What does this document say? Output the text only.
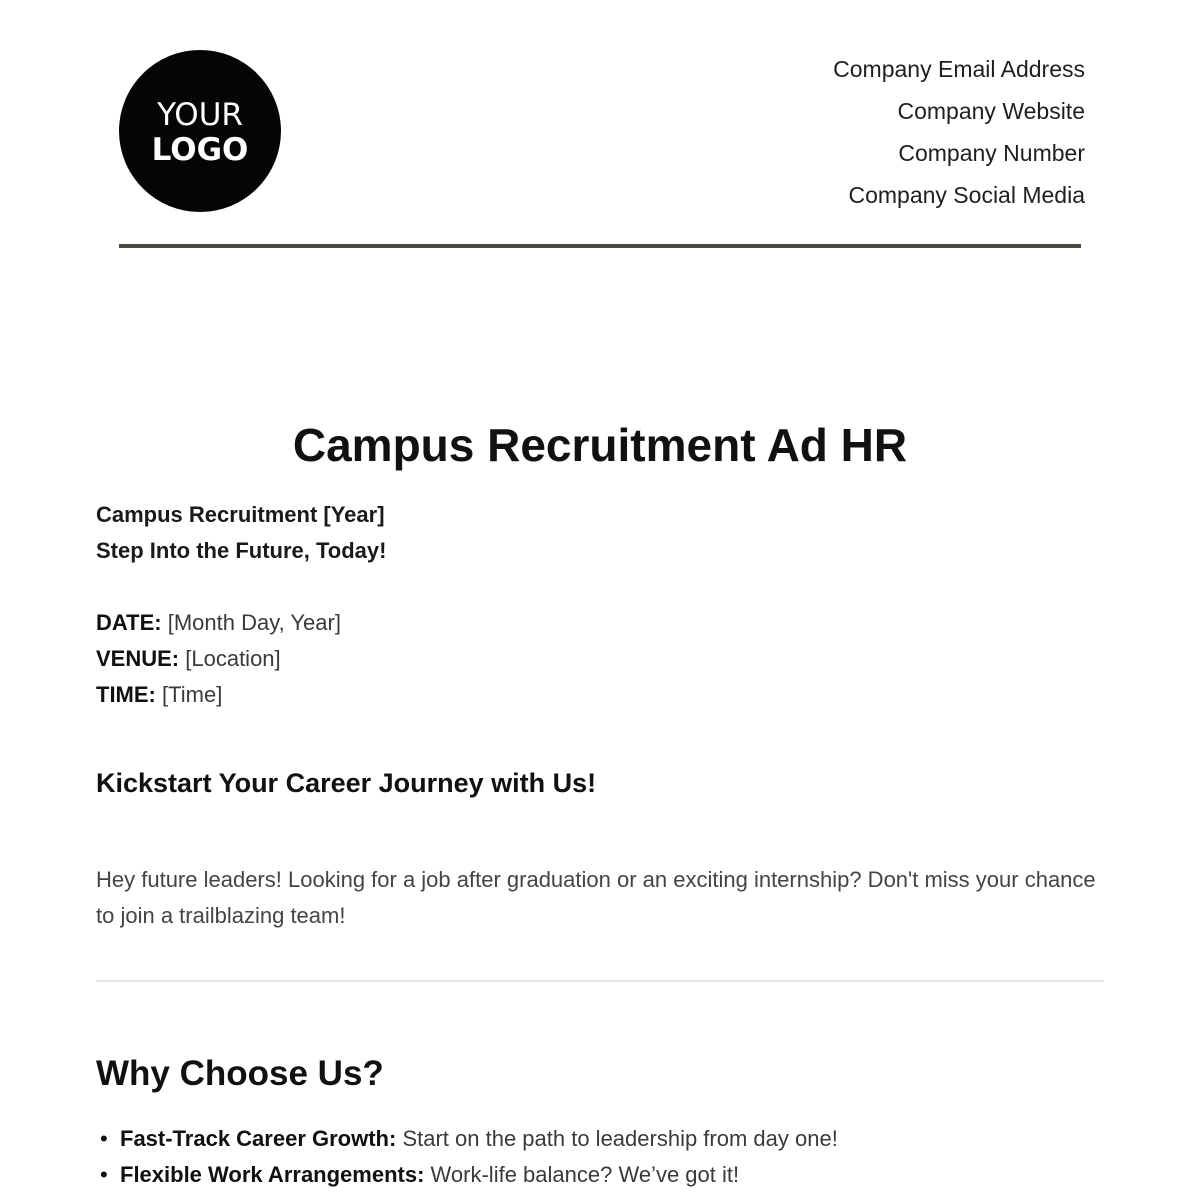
YOUR
LOGO
Company Email Address
Company Website
Company Number
Company Social Media
Campus Recruitment Ad HR
Campus Recruitment [Year]
Step Into the Future, Today!
DATE: [Month Day, Year]
VENUE: [Location]
TIME: [Time]
Kickstart Your Career Journey with Us!

Hey future leaders! Looking for a job after graduation or an exciting internship? Don't miss your chance to join a trailblazing team!

Why Choose Us?
• Fast-Track Career Growth: Start on the path to leadership from day one!
• Flexible Work Arrangements: Work-life balance? We’ve got it!
